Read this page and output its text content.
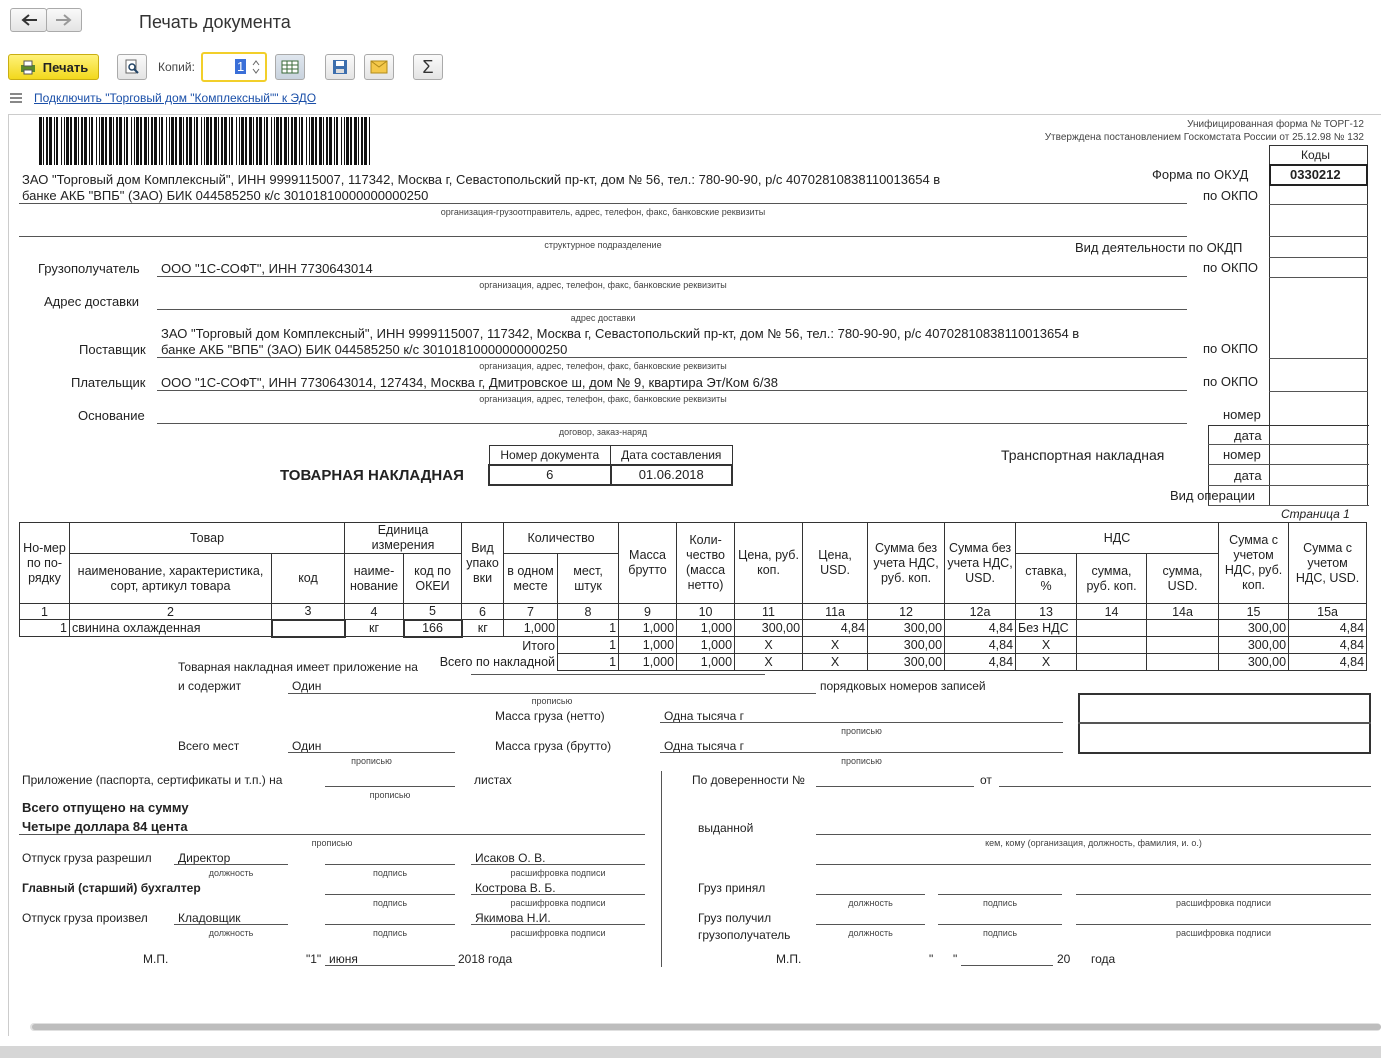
Печать документа
Печать	Копий:	1	Σ
Подключить "Торговый дом "Комплексный"" к ЭДО
Унифицированная форма № ТОРГ-12
Утверждена постановлением Госкомстата России от 25.12.98 № 132
Коды
0330212
Форма по ОКУД
по ОКПО
Вид деятельности по ОКДП
по ОКПО
по ОКПО
по ОКПО
номер
дата
номер
дата
Вид операции
Транспортная накладная
ЗАО "Торговый дом Комплексный", ИНН 9999115007, 117342, Москва г, Севастопольский пр-кт, дом № 56, тел.: 780-90-90, р/с 40702810838110013654 в
банке АКБ "ВПБ" (ЗАО) БИК 044585250 к/с 30101810000000000250
организация-грузоотправитель, адрес, телефон, факс, банковские реквизиты
структурное подразделение
Грузополучатель ООО "1С-СОФТ", ИНН 7730643014
организация, адрес, телефон, факс, банковские реквизиты
Адрес доставки
адрес доставки
ЗАО "Торговый дом Комплексный", ИНН 9999115007, 117342, Москва г, Севастопольский пр-кт, дом № 56, тел.: 780-90-90, р/с 40702810838110013654 в
Поставщик банке АКБ "ВПБ" (ЗАО) БИК 044585250 к/с 30101810000000000250
организация, адрес, телефон, факс, банковские реквизиты
Плательщик ООО "1С-СОФТ", ИНН 7730643014, 127434, Москва г, Дмитровское ш, дом № 9, квартира Эт/Ком 6/38
организация, адрес, телефон, факс, банковские реквизиты
Основание
договор, заказ-наряд
ТОВАРНАЯ НАКЛАДНАЯ
Номер документа	Дата составления
6	01.06.2018
Страница 1
Но-мер по по-рядку	Товар		Единица измерения		Вид упако вки	Количество		Масса брутто	Коли-чество (масса нетто)	Цена, руб. коп.	Цена, USD.	Сумма без учета НДС, руб. коп.	Сумма без учета НДС, USD.	НДС			Сумма с учетом НДС, руб. коп.	Сумма с учетом НДС, USD.
	наименование, характеристика, сорт, артикул товара	код	наиме-нование	код по ОКЕИ		в одном месте	мест, штук							ставка, %	сумма, руб. коп.	сумма, USD.		
1	2	3	4	5	6	7	8	9	10	11	11а	12	12а	13	14	14а	15	15а
1	свинина охлажденная		кг	166	кг	1,000	1	1,000	1,000	300,00	4,84	300,00	4,84	Без НДС			300,00	4,84
Итого							1	1,000	1,000	X	X	300,00	4,84	X			300,00	4,84
Всего по накладной							1	1,000	1,000	X	X	300,00	4,84	X			300,00	4,84
Товарная накладная имеет приложение на
и содержит	Один
прописью
порядковых номеров записей
Масса груза (нетто)	Одна тысяча г
прописью
Всего мест	Один
прописью
Масса груза (брутто)	Одна тысяча г
прописью
Приложение (паспорта, сертификаты и т.п.) на
прописью
листах
Всего отпущено на сумму
Четыре доллара 84 цента
прописью
Отпуск груза разрешил Директор
должность	подпись
Исаков О. В.
расшифровка подписи
Главный (старший) бухгалтер
подпись
Кострова В. Б.
расшифровка подписи
Отпуск груза произвел	Кладовщик
должность	подпись
Якимова Н.И.
расшифровка подписи
М.П.	"1" июня	2018 года
По доверенности №	от
выданной
кем, кому (организация, должность, фамилия, и. о.)
Груз принял
должность	подпись	расшифровка подписи
Груз получил
грузополучатель	должность	подпись	расшифровка подписи
М.П.	" "	20 года
